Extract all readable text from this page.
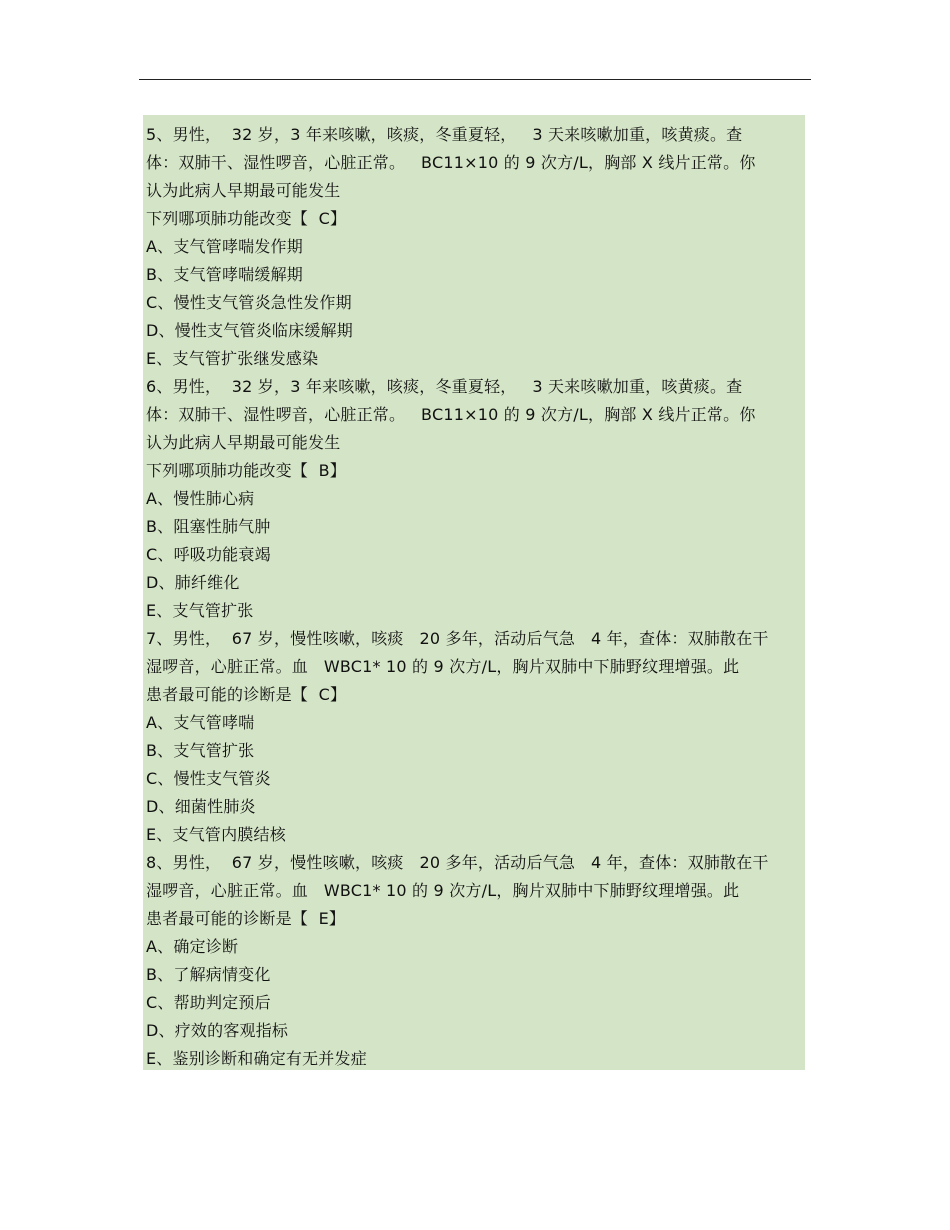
5、男性，  32 岁，3 年来咳嗽，咳痰，冬重夏轻，   3 天来咳嗽加重，咳黄痰。查
体：双肺干、湿性啰音，心脏正常。   BC11×10 的 9 次方/L，胸部 X 线片正常。你
认为此病人早期最可能发生
下列哪项肺功能改变【  C】
A、支气管哮喘发作期
B、支气管哮喘缓解期
C、慢性支气管炎急性发作期
D、慢性支气管炎临床缓解期
E、支气管扩张继发感染
6、男性，  32 岁，3 年来咳嗽，咳痰，冬重夏轻，   3 天来咳嗽加重，咳黄痰。查
体：双肺干、湿性啰音，心脏正常。   BC11×10 的 9 次方/L，胸部 X 线片正常。你
认为此病人早期最可能发生
下列哪项肺功能改变【  B】
A、慢性肺心病
B、阻塞性肺气肿
C、呼吸功能衰竭
D、肺纤维化
E、支气管扩张
7、男性，  67 岁，慢性咳嗽，咳痰   20 多年，活动后气急   4 年，查体：双肺散在干
湿啰音，心脏正常。血   WBC1* 10 的 9 次方/L，胸片双肺中下肺野纹理增强。此
患者最可能的诊断是【  C】
A、支气管哮喘
B、支气管扩张
C、慢性支气管炎
D、细菌性肺炎
E、支气管内膜结核
8、男性，  67 岁，慢性咳嗽，咳痰   20 多年，活动后气急   4 年，查体：双肺散在干
湿啰音，心脏正常。血   WBC1* 10 的 9 次方/L，胸片双肺中下肺野纹理增强。此
患者最可能的诊断是【  E】
A、确定诊断
B、了解病情变化
C、帮助判定预后
D、疗效的客观指标
E、鉴别诊断和确定有无并发症
